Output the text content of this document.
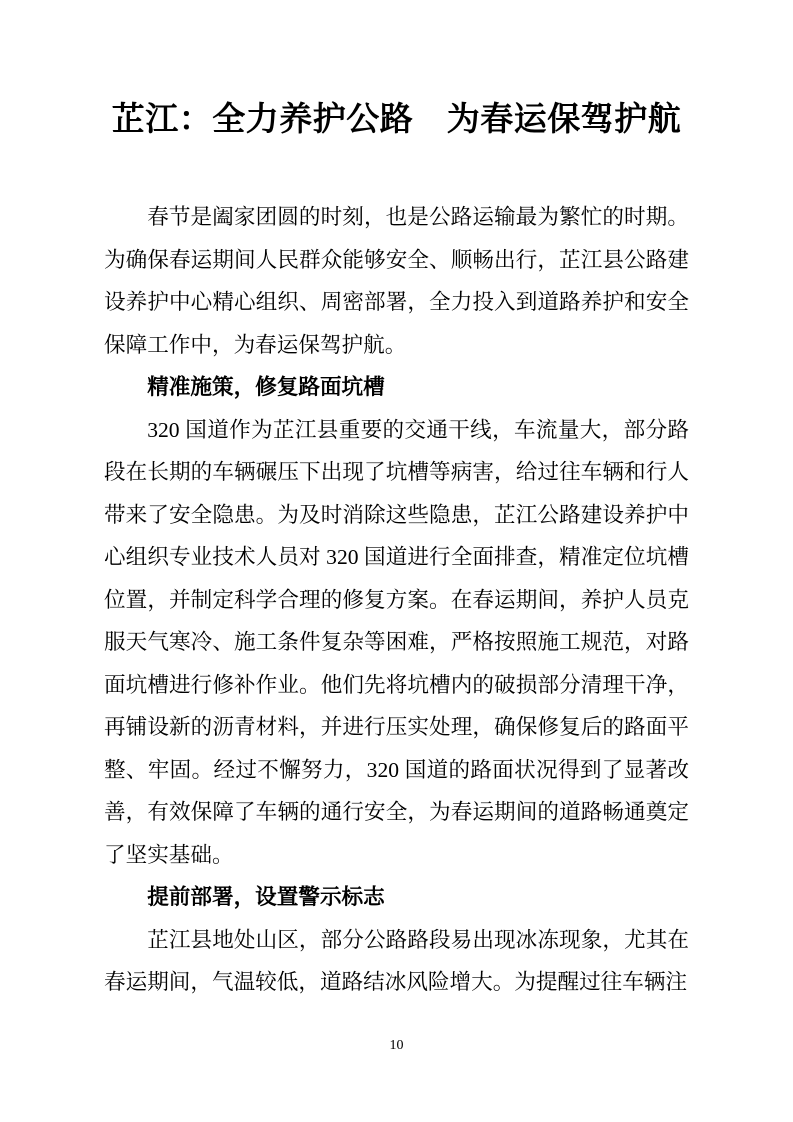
芷江：全力养护公路　为春运保驾护航

春节是阖家团圆的时刻，也是公路运输最为繁忙的时期。为确保春运期间人民群众能够安全、顺畅出行，芷江县公路建设养护中心精心组织、周密部署，全力投入到道路养护和安全保障工作中，为春运保驾护航。

精准施策，修复路面坑槽

320 国道作为芷江县重要的交通干线，车流量大，部分路段在长期的车辆碾压下出现了坑槽等病害，给过往车辆和行人带来了安全隐患。为及时消除这些隐患，芷江公路建设养护中心组织专业技术人员对 320 国道进行全面排查，精准定位坑槽位置，并制定科学合理的修复方案。在春运期间，养护人员克服天气寒冷、施工条件复杂等困难，严格按照施工规范，对路面坑槽进行修补作业。他们先将坑槽内的破损部分清理干净，再铺设新的沥青材料，并进行压实处理，确保修复后的路面平整、牢固。经过不懈努力，320 国道的路面状况得到了显著改善，有效保障了车辆的通行安全，为春运期间的道路畅通奠定了坚实基础。

提前部署，设置警示标志

芷江县地处山区，部分公路路段易出现冰冻现象，尤其在春运期间，气温较低，道路结冰风险增大。为提醒过往车辆注

10
